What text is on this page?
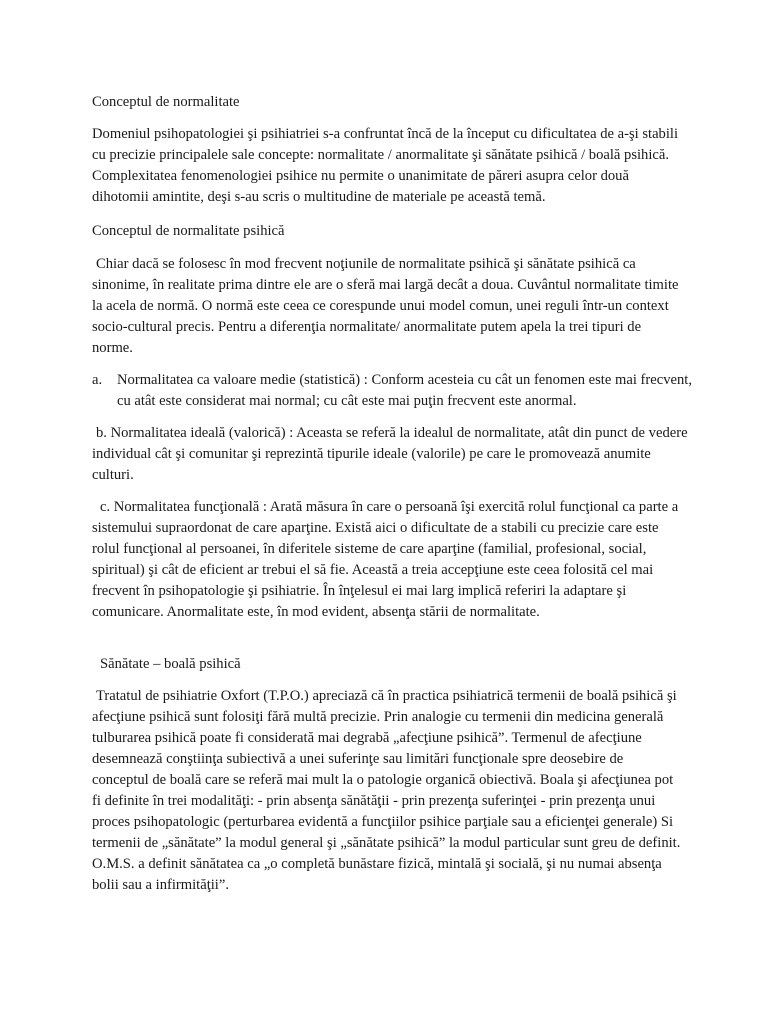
Conceptul de normalitate

Domeniul psihopatologiei şi psihiatriei s-a confruntat încă de la început cu dificultatea de a-şi stabili cu precizie principalele sale concepte: normalitate / anormalitate şi sănătate psihică / boală psihică. Complexitatea fenomenologiei psihice nu permite o unanimitate de păreri asupra celor două dihotomii amintite, deşi s-au scris o multitudine de materiale pe această temă.

Conceptul de normalitate psihică

Chiar dacă se folosesc în mod frecvent noţiunile de normalitate psihică şi sănătate psihică ca sinonime, în realitate prima dintre ele are o sferă mai largă decât a doua. Cuvântul normalitate timite la acela de normă. O normă este ceea ce corespunde unui model comun, unei reguli într-un context socio-cultural precis. Pentru a diferenţia normalitate/ anormalitate putem apela la trei tipuri de norme.

a. Normalitatea ca valoare medie (statistică) : Conform acesteia cu cât un fenomen este mai frecvent, cu atât este considerat mai normal; cu cât este mai puţin frecvent este anormal.

b. Normalitatea ideală (valorică) : Aceasta se referă la idealul de normalitate, atât din punct de vedere individual cât şi comunitar şi reprezintă tipurile ideale (valorile) pe care le promovează anumite culturi.

c. Normalitatea funcţională : Arată măsura în care o persoană îşi exercită rolul funcţional ca parte a sistemului supraordonat de care aparţine. Există aici o dificultate de a stabili cu precizie care este rolul funcţional al persoanei, în diferitele sisteme de care aparţine (familial, profesional, social, spiritual) şi cât de eficient ar trebui el să fie. Această a treia accepţiune este ceea folosită cel mai frecvent în psihopatologie şi psihiatrie. În înţelesul ei mai larg implică referiri la adaptare şi comunicare. Anormalitate este, în mod evident, absenţa stării de normalitate.

Sănătate – boală psihică

Tratatul de psihiatrie Oxfort (T.P.O.) apreciază că în practica psihiatrică termenii de boală psihică şi afecţiune psihică sunt folosiţi fără multă precizie. Prin analogie cu termenii din medicina generală tulburarea psihică poate fi considerată mai degrabă „afecţiune psihică”. Termenul de afecţiune desemnează conştiinţa subiectivă a unei suferinţe sau limitări funcţionale spre deosebire de conceptul de boală care se referă mai mult la o patologie organică obiectivă. Boala şi afecţiunea pot fi definite în trei modalităţi: - prin absenţa sănătăţii - prin prezenţa suferinţei - prin prezenţa unui proces psihopatologic (perturbarea evidentă a funcţiilor psihice parţiale sau a eficienţei generale) Si termenii de „sănătate” la modul general şi „sănătate psihică” la modul particular sunt greu de definit. O.M.S. a definit sănătatea ca „o completă bunăstare fizică, mintală şi socială, şi nu numai absenţa bolii sau a infirmităţii”.
